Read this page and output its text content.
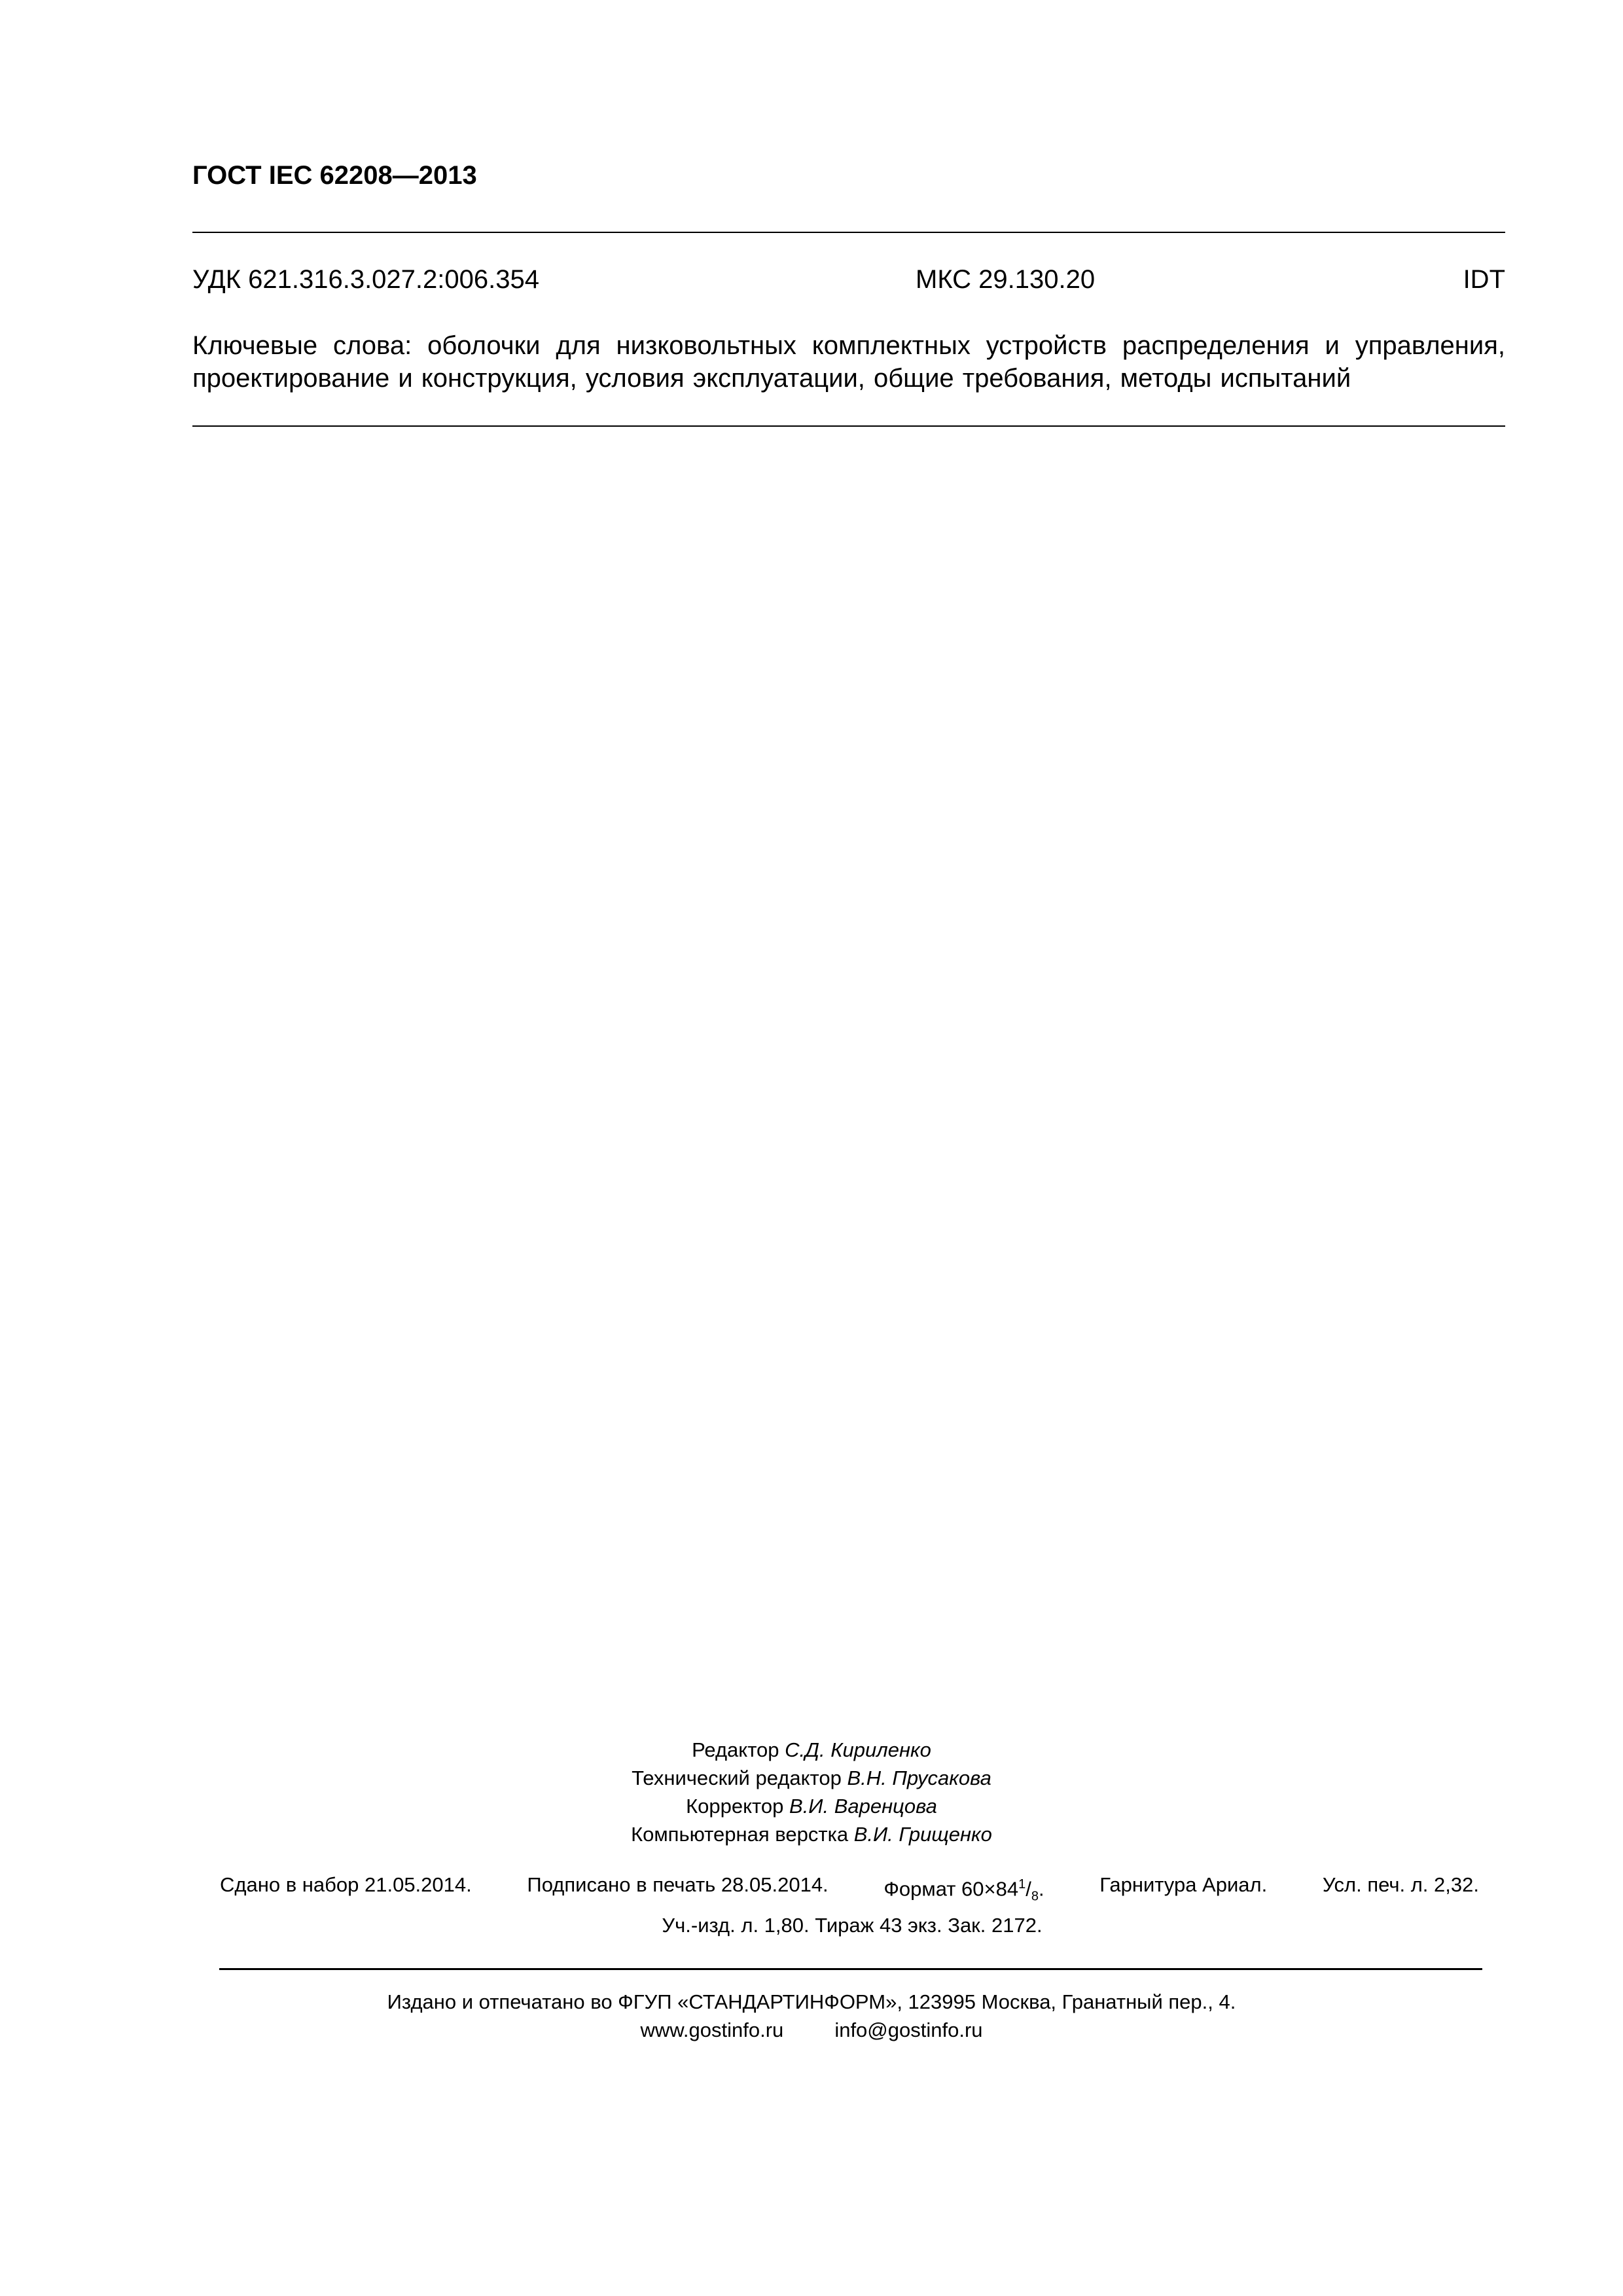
ГОСТ IEC 62208—2013
УДК 621.316.3.027.2:006.354	МКС 29.130.20	IDT
Ключевые слова: оболочки для низковольтных комплектных устройств распределения и управления, проектирование и конструкция, условия эксплуатации, общие требования, методы испытаний
Редактор С.Д. Кириленко
Технический редактор В.Н. Прусакова
Корректор В.И. Варенцова
Компьютерная верстка В.И. Грищенко
Сдано в набор 21.05.2014.	Подписано в печать 28.05.2014.	Формат $60\times 84^1/_8$.	Гарнитура Ариал.	Усл. печ. л. 2,32.
Уч.-изд. л. 1,80. Тираж 43 экз. Зак. 2172.
Издано и отпечатано во ФГУП «СТАНДАРТИНФОРМ», 123995 Москва, Гранатный пер., 4.
www.gostinfo.ru	info@gostinfo.ru
